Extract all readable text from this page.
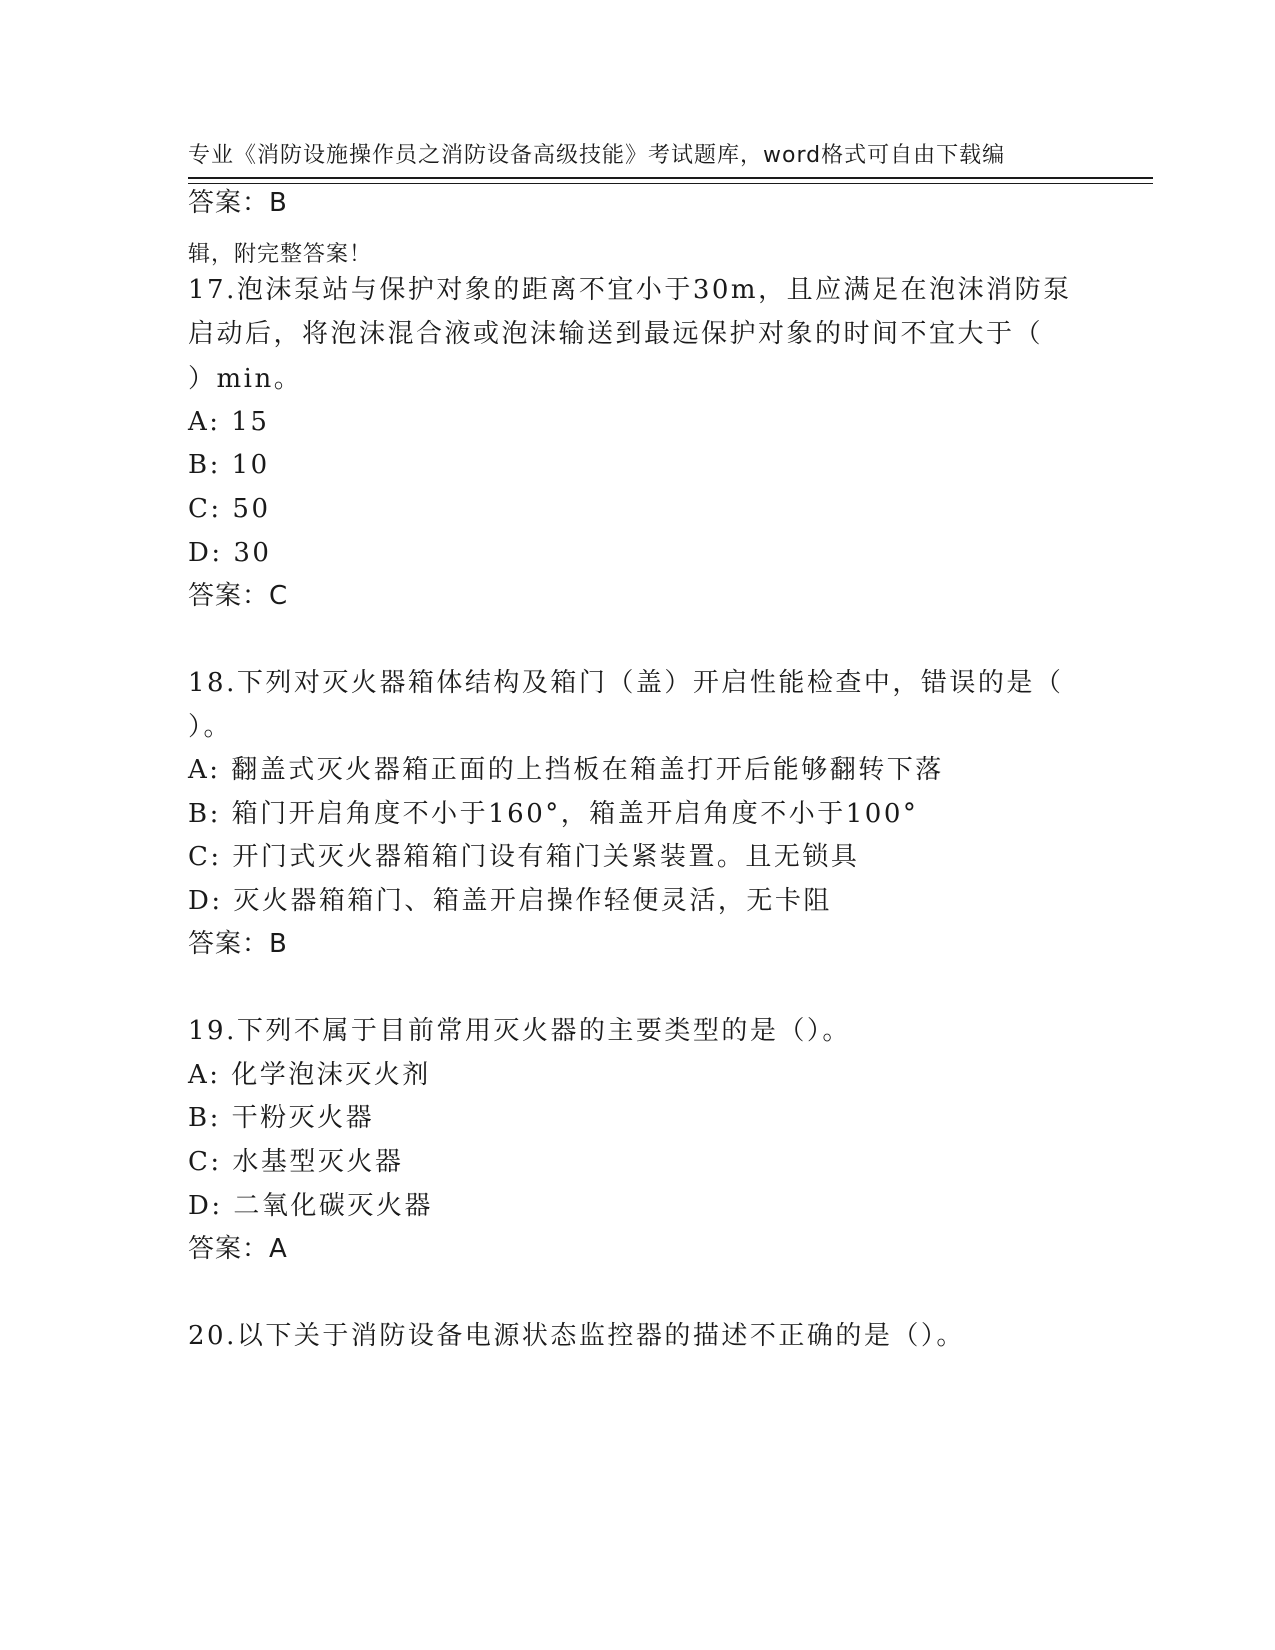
专业《消防设施操作员之消防设备高级技能》考试题库，word格式可自由下载编

辑，附完整答案！

答案：B
17.泡沫泵站与保护对象的距离不宜小于30m，且应满足在泡沫消防泵
启动后，将泡沫混合液或泡沫输送到最远保护对象的时间不宜大于（
）min。
A: 15
B: 10
C: 50
D: 30
答案：C
18.下列对灭火器箱体结构及箱门（盖）开启性能检查中，错误的是（
）。
A: 翻盖式灭火器箱正面的上挡板在箱盖打开后能够翻转下落
B: 箱门开启角度不小于160°，箱盖开启角度不小于100°
C: 开门式灭火器箱箱门设有箱门关紧装置。且无锁具
D: 灭火器箱箱门、箱盖开启操作轻便灵活，无卡阻
答案：B
19.下列不属于目前常用灭火器的主要类型的是（）。
A: 化学泡沫灭火剂
B: 干粉灭火器
C: 水基型灭火器
D: 二氧化碳灭火器
答案：A
20.以下关于消防设备电源状态监控器的描述不正确的是（）。
